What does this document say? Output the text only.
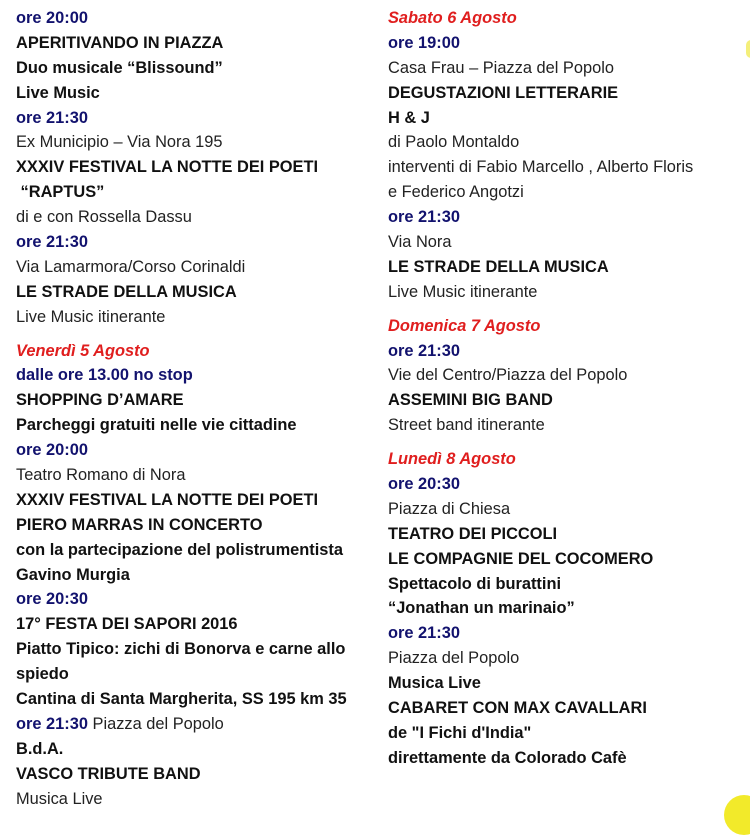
ore 20:00
APERITIVANDO IN PIAZZA
Duo musicale “Blissound”
Live Music
ore 21:30
Ex Municipio – Via Nora 195
XXXIV FESTIVAL LA NOTTE DEI POETI
“RAPTUS”
di e con Rossella Dassu
ore 21:30
Via Lamarmora/Corso Corinaldi
LE STRADE DELLA MUSICA
Live Music itinerante
Venerdì 5 Agosto
dalle ore 13.00 no stop
SHOPPING D’AMARE
Parcheggi gratuiti nelle vie cittadine
ore 20:00
Teatro Romano di Nora
XXXIV FESTIVAL LA NOTTE DEI POETI
PIERO MARRAS IN CONCERTO
con la partecipazione del polistrumentista
Gavino Murgia
ore 20:30
17° FESTA DEI SAPORI 2016
Piatto Tipico: zichi di Bonorva e carne allo
spiedo
Cantina di Santa Margherita, SS 195 km 35
ore 21:30 Piazza del Popolo
B.d.A.
VASCO TRIBUTE BAND
Musica Live
Sabato 6 Agosto
ore 19:00
Casa Frau – Piazza del Popolo
DEGUSTAZIONI LETTERARIE
H & J
di Paolo Montaldo
interventi di Fabio Marcello , Alberto Floris
e Federico Angotzi
ore 21:30
Via Nora
LE STRADE DELLA MUSICA
Live Music itinerante
Domenica 7 Agosto
ore 21:30
Vie del Centro/Piazza del Popolo
ASSEMINI BIG BAND
Street band itinerante
Lunedì 8 Agosto
ore 20:30
Piazza di Chiesa
TEATRO DEI PICCOLI
LE COMPAGNIE DEL COCOMERO
Spettacolo di burattini
“Jonathan un marinaio”
ore 21:30
Piazza del Popolo
Musica Live
CABARET CON MAX CAVALLARI
de "I Fichi d'India"
direttamente da Colorado Cafè
